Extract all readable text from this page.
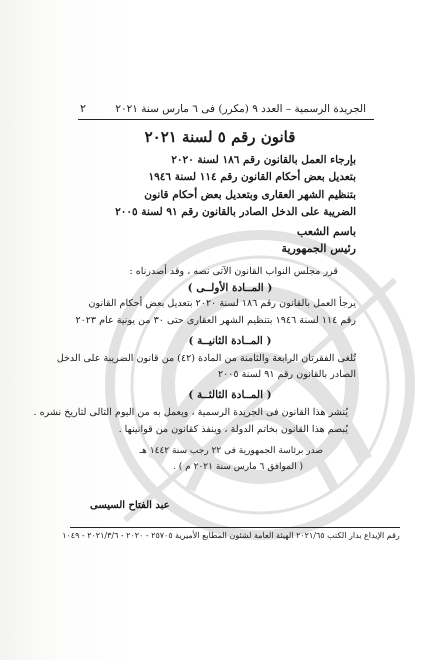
٢	الجريدة الرسمية – العدد ٩ (مكرر) فى ٦ مارس سنة ٢٠٢١
قانون رقم ٥ لسنة ٢٠٢١
بإرجاء العمل بالقانون رقم ١٨٦ لسنة ٢٠٢٠
بتعديل بعض أحكام القانون رقم ١١٤ لسنة ١٩٤٦
بتنظيم الشهر العقارى وبتعديل بعض أحكام قانون
الضريبة على الدخل الصادر بالقانون رقم ٩١ لسنة ٢٠٠٥
باسم الشعب
رئيس الجمهورية
قرر مجلس النواب القانون الآتى نصه ، وقد أصدرناه :
( المــادة الأولــى )
يرجأ العمل بالقانون رقم ١٨٦ لسنة ٢٠٢٠ بتعديل بعض أحكام القانون
رقم ١١٤ لسنة ١٩٤٦ بتنظيم الشهر العقارى حتى ٣٠ من يونية عام ٢٠٢٣
( المــادة الثانيــة )
تُلغى الفقرتان الرابعة والثامنة من المادة (٤٢) من قانون الضريبة على الدخل
الصادر بالقانون رقم ٩١ لسنة ٢٠٠٥
( المــادة الثالثــة )
يُنشر هذا القانون فى الجريدة الرسمية ، ويعمل به من اليوم التالى لتاريخ نشره .
يُبصم هذا القانون بخاتم الدولة ، وينفذ كقانون من قوانينها .
صدر برئاسة الجمهورية فى ٢٢ رجب سنة ١٤٤٢ هـ
( الموافق ٦ مارس سنة ٢٠٢١ م ) .
عبد الفتاح السيسى
رقم الإيداع بدار الكتب ٢٠٢١/٦٥ الهيئة العامة لشئون المطابع الأميرية ٢٥٧٠٥ - ٢٠٢٠ - ٢٠٢١/٣/٦ - ١٠٤٩
